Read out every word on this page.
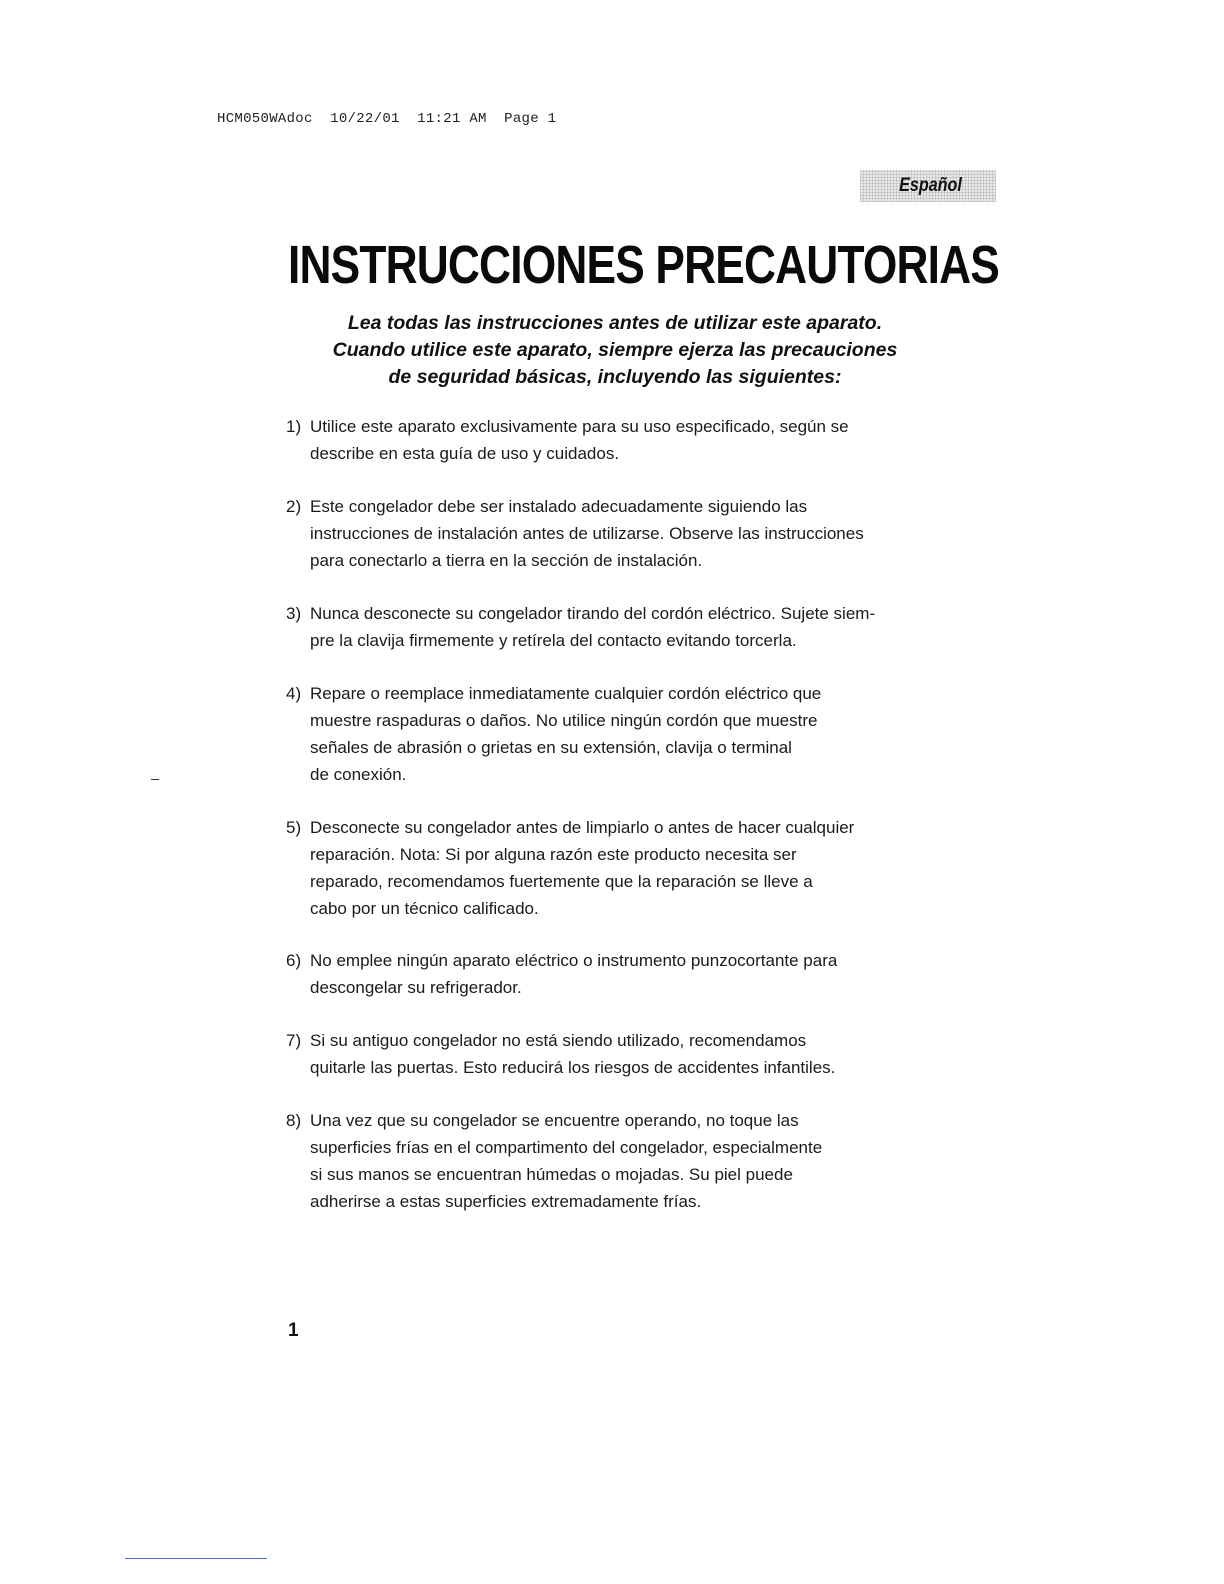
HCM050WAdoc  10/22/01  11:21 AM  Page 1
Español
INSTRUCCIONES PRECAUTORIAS
Lea todas las instrucciones antes de utilizar este aparato.
Cuando utilice este aparato, siempre ejerza las precauciones
de seguridad básicas, incluyendo las siguientes:
1) Utilice este aparato exclusivamente para su uso especificado, según se
describe en esta guía de uso y cuidados.
2) Este congelador debe ser instalado adecuadamente siguiendo las
instrucciones de instalación antes de utilizarse. Observe las instrucciones
para conectarlo a tierra en la sección de instalación.
3) Nunca desconecte su congelador tirando del cordón eléctrico. Sujete siem-
pre la clavija firmemente y retírela del contacto evitando torcerla.
4) Repare o reemplace inmediatamente cualquier cordón eléctrico que
muestre raspaduras o daños. No utilice ningún cordón que muestre
señales de abrasión o grietas en su extensión, clavija o terminal
de conexión.
5) Desconecte su congelador antes de limpiarlo o antes de hacer cualquier
reparación. Nota: Si por alguna razón este producto necesita ser
reparado, recomendamos fuertemente que la reparación se lleve a
cabo por un técnico calificado.
6) No emplee ningún aparato eléctrico o instrumento punzocortante para
descongelar su refrigerador.
7) Si su antiguo congelador no está siendo utilizado, recomendamos
quitarle las puertas. Esto reducirá los riesgos de accidentes infantiles.
8) Una vez que su congelador se encuentre operando, no toque las
superficies frías en el compartimento del congelador, especialmente
si sus manos se encuentran húmedas o mojadas. Su piel puede
adherirse a estas superficies extremadamente frías.
1
